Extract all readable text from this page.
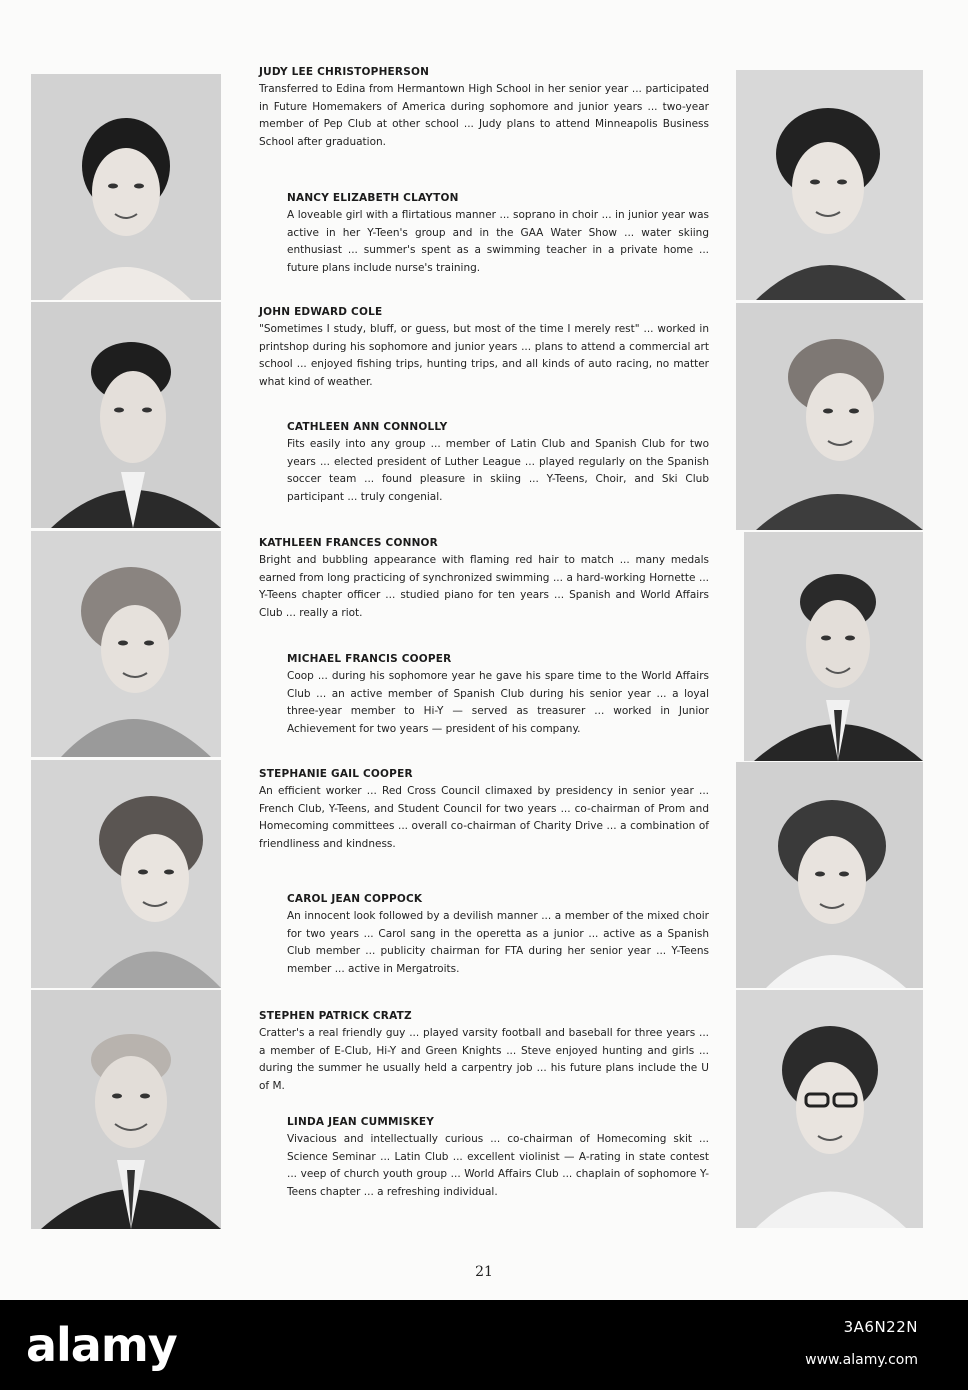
JUDY LEE CHRISTOPHERSON
Transferred to Edina from Hermantown High School in her senior year ... participated in Future Homemakers of America during sophomore and junior years ... two-year member of Pep Club at other school ... Judy plans to attend Minneapolis Business School after graduation.
NANCY ELIZABETH CLAYTON
A loveable girl with a flirtatious manner ... soprano in choir ... in junior year was active in her Y-Teen's group and in the GAA Water Show ... water skiing enthusiast ... summer's spent as a swimming teacher in a private home ... future plans include nurse's training.
JOHN EDWARD COLE
"Sometimes I study, bluff, or guess, but most of the time I merely rest" ... worked in printshop during his sophomore and junior years ... plans to attend a commercial art school ... enjoyed fishing trips, hunting trips, and all kinds of auto racing, no matter what kind of weather.
CATHLEEN ANN CONNOLLY
Fits easily into any group ... member of Latin Club and Spanish Club for two years ... elected president of Luther League ... played regularly on the Spanish soccer team ... found pleasure in skiing ... Y-Teens, Choir, and Ski Club participant ... truly congenial.
KATHLEEN FRANCES CONNOR
Bright and bubbling appearance with flaming red hair to match ... many medals earned from long practicing of synchronized swimming ... a hard-working Hornette ... Y-Teens chapter officer ... studied piano for ten years ... Spanish and World Affairs Club ... really a riot.
MICHAEL FRANCIS COOPER
Coop ... during his sophomore year he gave his spare time to the World Affairs Club ... an active member of Spanish Club during his senior year ... a loyal three-year member to Hi-Y — served as treasurer ... worked in Junior Achievement for two years — president of his company.
STEPHANIE GAIL COOPER
An efficient worker ... Red Cross Council climaxed by presidency in senior year ... French Club, Y-Teens, and Student Council for two years ... co-chairman of Prom and Homecoming committees ... overall co-chairman of Charity Drive ... a combination of friendliness and kindness.
CAROL JEAN COPPOCK
An innocent look followed by a devilish manner ... a member of the mixed choir for two years ... Carol sang in the operetta as a junior ... active as a Spanish Club member ... publicity chairman for FTA during her senior year ... Y-Teens member ... active in Mergatroits.
STEPHEN PATRICK CRATZ
Cratter's a real friendly guy ... played varsity football and baseball for three years ... a member of E-Club, Hi-Y and Green Knights ... Steve enjoyed hunting and girls ... during the summer he usually held a carpentry job ... his future plans include the U of M.
LINDA JEAN CUMMISKEY
Vivacious and intellectually curious ... co-chairman of Homecoming skit ... Science Seminar ... Latin Club ... excellent violinist — A-rating in state contest ... veep of church youth group ... World Affairs Club ... chaplain of sophomore Y-Teens chapter ... a refreshing individual.
21
alamy	3A6N22N
www.alamy.com
